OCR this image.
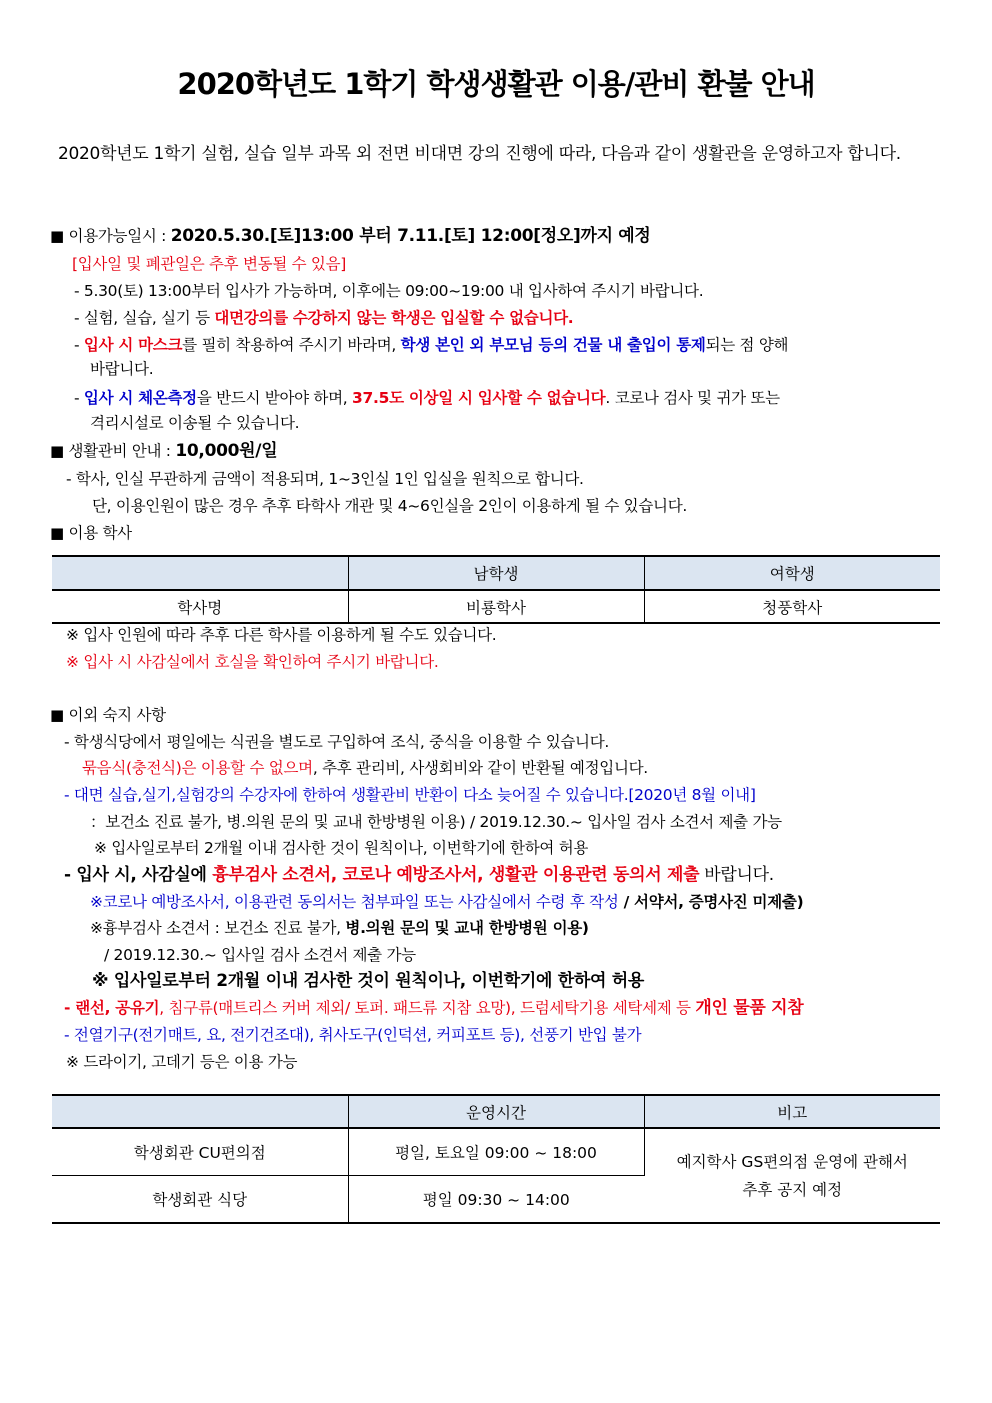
2020학년도 1학기 학생생활관 이용/관비 환불 안내
2020학년도 1학기 실험, 실습 일부 과목 외 전면 비대면 강의 진행에 따라, 다음과 같이 생활관을 운영하고자 합니다.
■ 이용가능일시 : 2020.5.30.[토]13:00 부터 7.11.[토] 12:00[정오]까지 예정
[입사일 및 폐관일은 추후 변동될 수 있음]
- 5.30(토) 13:00부터 입사가 가능하며, 이후에는 09:00~19:00 내 입사하여 주시기 바랍니다.
- 실험, 실습, 실기 등 대면강의를 수강하지 않는 학생은 입실할 수 없습니다.
- 입사 시 마스크를 필히 착용하여 주시기 바라며, 학생 본인 외 부모님 등의 건물 내 출입이 통제되는 점 양해
바랍니다.
- 입사 시 체온측정을 반드시 받아야 하며, 37.5도 이상일 시 입사할 수 없습니다. 코로나 검사 및 귀가 또는
격리시설로 이송될 수 있습니다.
■ 생활관비 안내 : 10,000원/일
- 학사, 인실 무관하게 금액이 적용되며, 1~3인실 1인 입실을 원칙으로 합니다.
단, 이용인원이 많은 경우 추후 타학사 개관 및 4~6인실을 2인이 이용하게 될 수 있습니다.
■ 이용 학사
	남학생	여학생
학사명	비룡학사	청풍학사
※ 입사 인원에 따라 추후 다른 학사를 이용하게 될 수도 있습니다.
※ 입사 시 사감실에서 호실을 확인하여 주시기 바랍니다.
■ 이외 숙지 사항
- 학생식당에서 평일에는 식권을 별도로 구입하여 조식, 중식을 이용할 수 있습니다.
묶음식(충전식)은 이용할 수 없으며, 추후 관리비, 사생회비와 같이 반환될 예정입니다.
- 대면 실습,실기,실험강의 수강자에 한하여 생활관비 반환이 다소 늦어질 수 있습니다.[2020년 8월 이내]
：보건소 진료 불가, 병.의원 문의 및 교내 한방병원 이용) / 2019.12.30.~ 입사일 검사 소견서 제출 가능
※ 입사일로부터 2개월 이내 검사한 것이 원칙이나, 이번학기에 한하여 허용
- 입사 시, 사감실에 흉부검사 소견서, 코로나 예방조사서, 생활관 이용관련 동의서 제출 바랍니다.
※코로나 예방조사서, 이용관련 동의서는 첨부파일 또는 사감실에서 수령 후 작성 / 서약서, 증명사진 미제출)
※흉부검사 소견서 : 보건소 진료 불가, 병.의원 문의 및 교내 한방병원 이용)
/ 2019.12.30.~ 입사일 검사 소견서 제출 가능
※ 입사일로부터 2개월 이내 검사한 것이 원칙이나, 이번학기에 한하여 허용
- 랜선, 공유기, 침구류(매트리스 커버 제외/ 토퍼. 패드류 지참 요망), 드럼세탁기용 세탁세제 등 개인 물품 지참
- 전열기구(전기매트, 요, 전기건조대), 취사도구(인덕션, 커피포트 등), 선풍기 반입 불가
※ 드라이기, 고데기 등은 이용 가능
	운영시간	비고
학생회관 CU편의점	평일, 토요일 09:00 ~ 18:00	예지학사 GS편의점 운영에 관해서
추후 공지 예정

학생회관 식당	평일 09:30 ~ 14:00	
